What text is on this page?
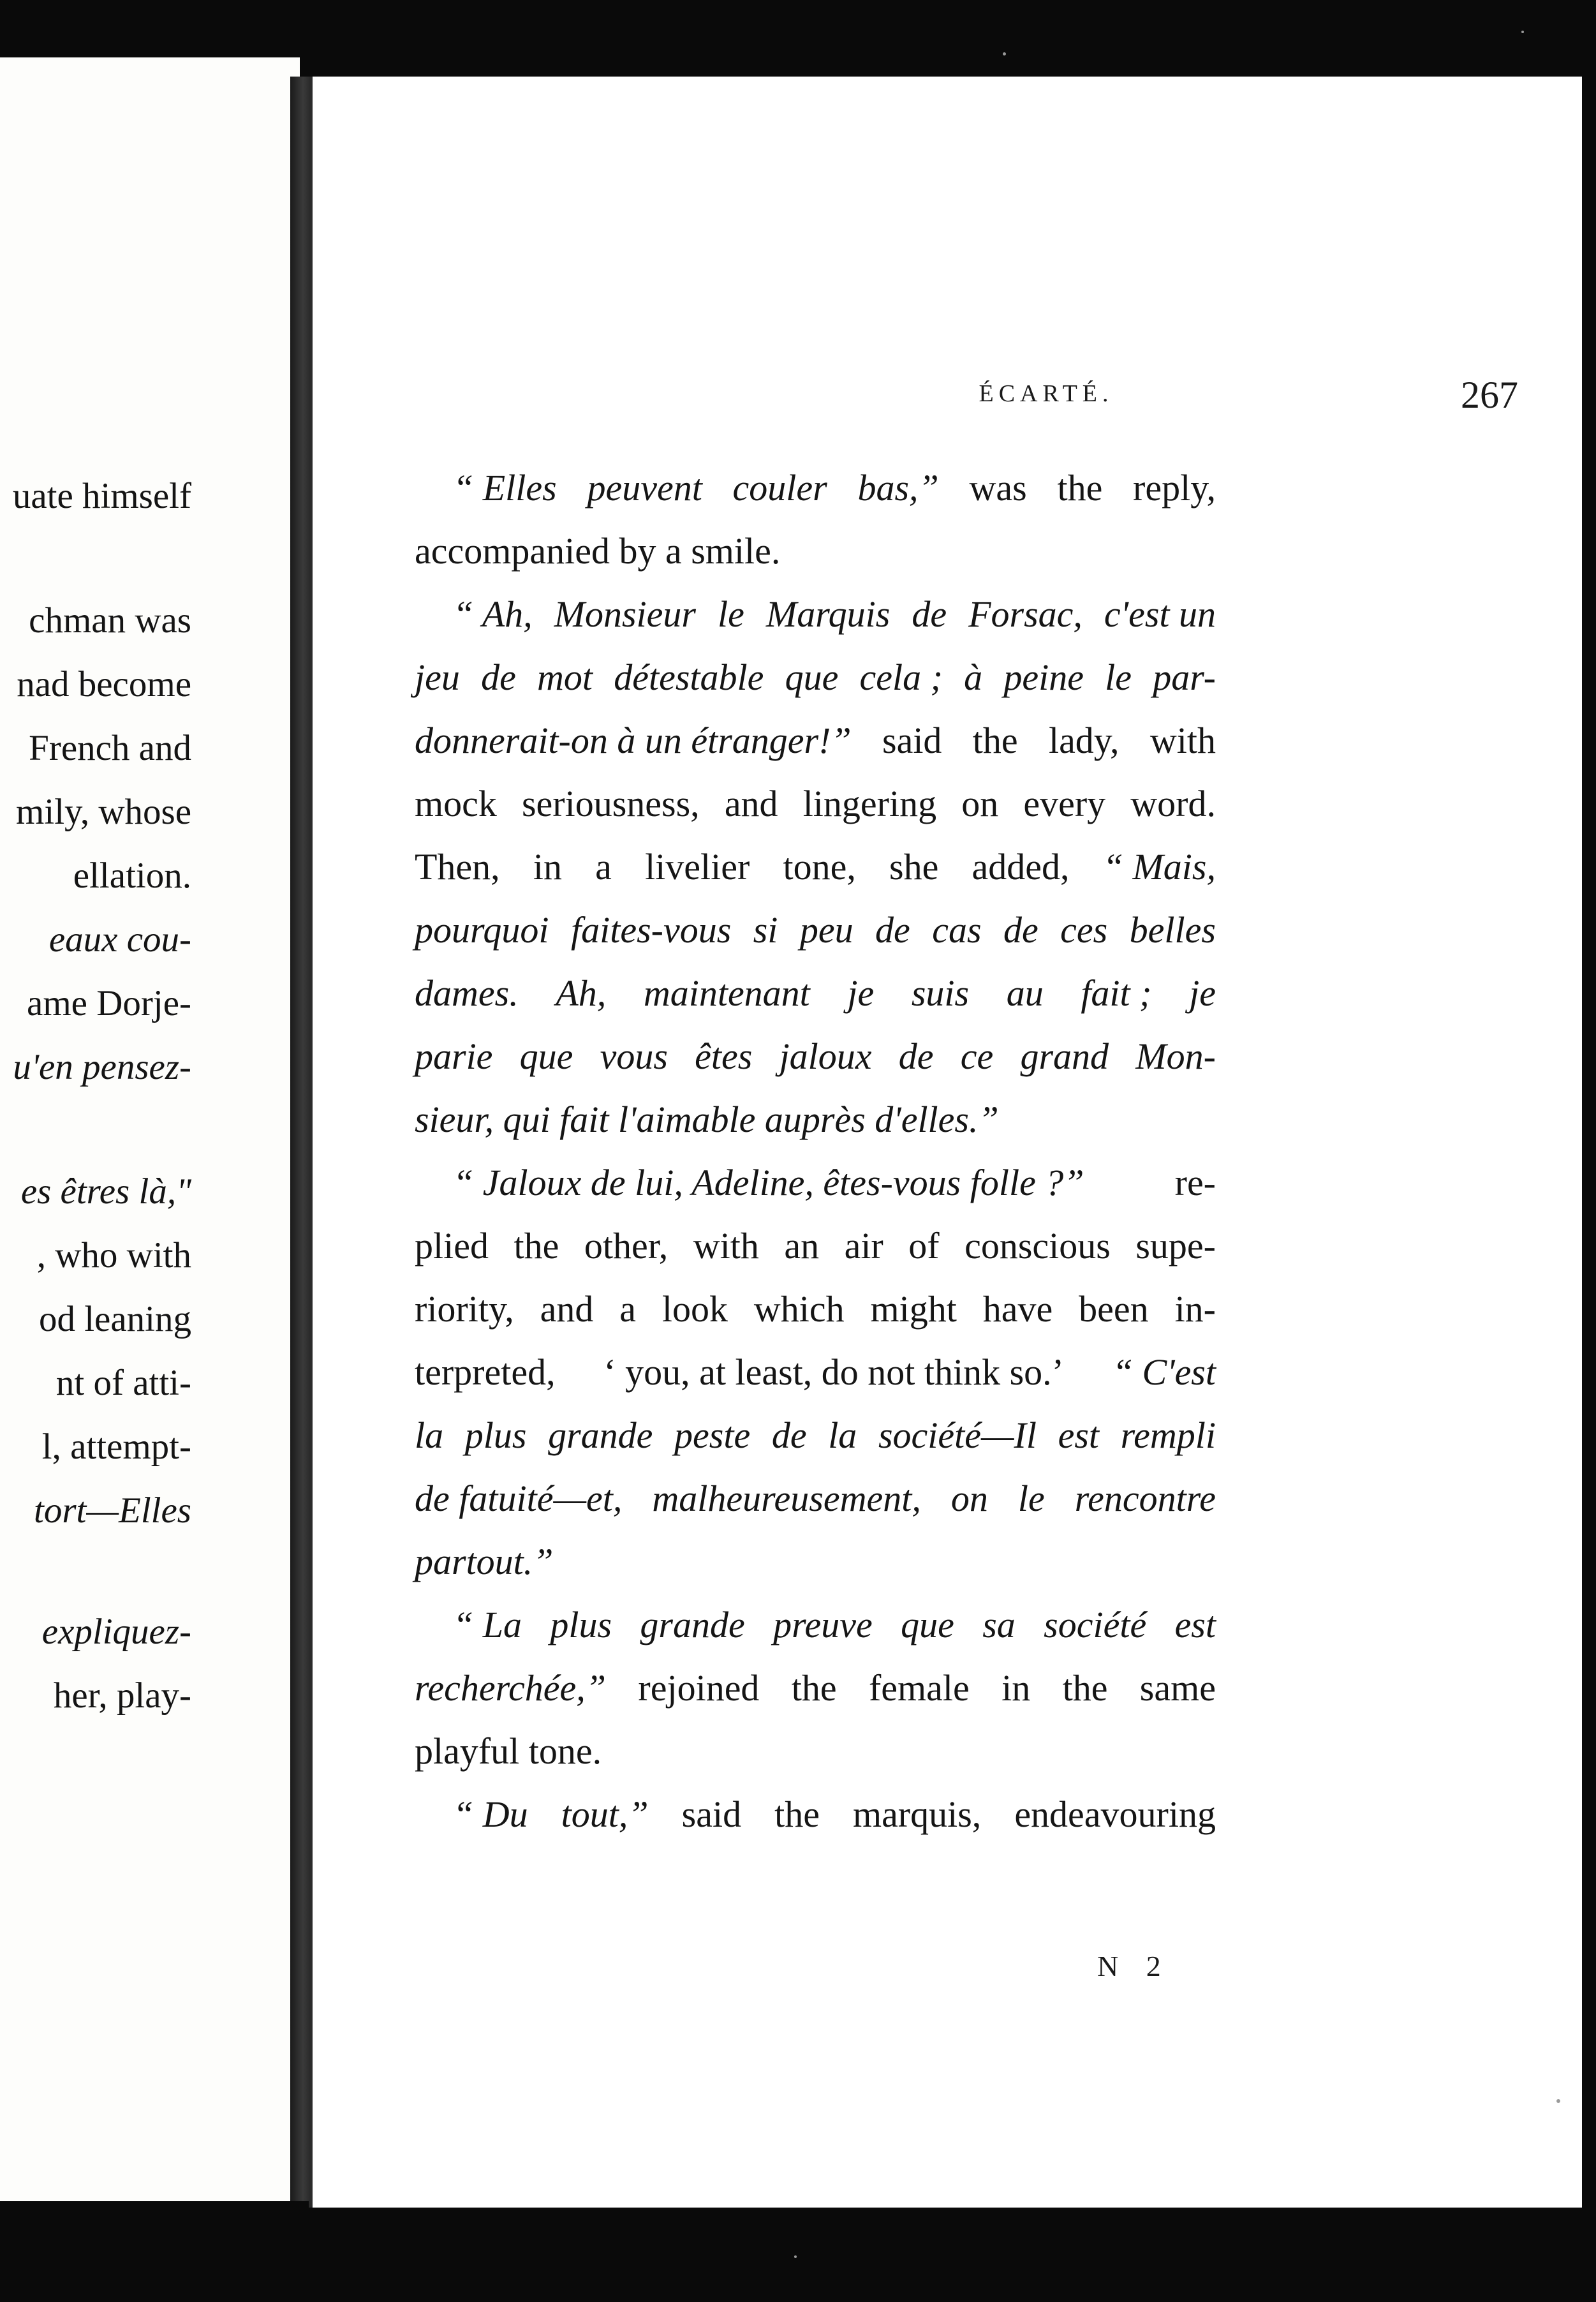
uate himself
chman was
nad become
French and
mily, whose
ellation.
eaux cou-
ame Dorje-
u'en pensez-
es êtres là,"
, who with
od leaning
nt of atti-
l, attempt-
tort—Elles
expliquez-
her, play-
ÉCARTÉ.	267
“ Elles peuvent couler bas,” was the reply,
accompanied by a smile.
“ Ah, Monsieur le Marquis de Forsac, c'est un
jeu de mot détestable que cela ; à peine le par-
donnerait-on à un étranger!” said the lady, with
mock seriousness, and lingering on every word.
Then, in a livelier tone, she added, “ Mais,
pourquoi faites-vous si peu de cas de ces belles
dames. Ah, maintenant je suis au fait ; je
parie que vous êtes jaloux de ce grand Mon-
sieur, qui fait l'aimable auprès d'elles.”
“ Jaloux de lui, Adeline, êtes-vous folle ?” re-
plied the other, with an air of conscious supe-
riority, and a look which might have been in-
terpreted, ‘ you, at least, do not think so.’ “ C'est
la plus grande peste de la société—Il est rempli
de fatuité—et, malheureusement, on le rencontre
partout.”
“ La plus grande preuve que sa société est
recherchée,” rejoined the female in the same
playful tone.
“ Du tout,” said the marquis, endeavouring
N 2
